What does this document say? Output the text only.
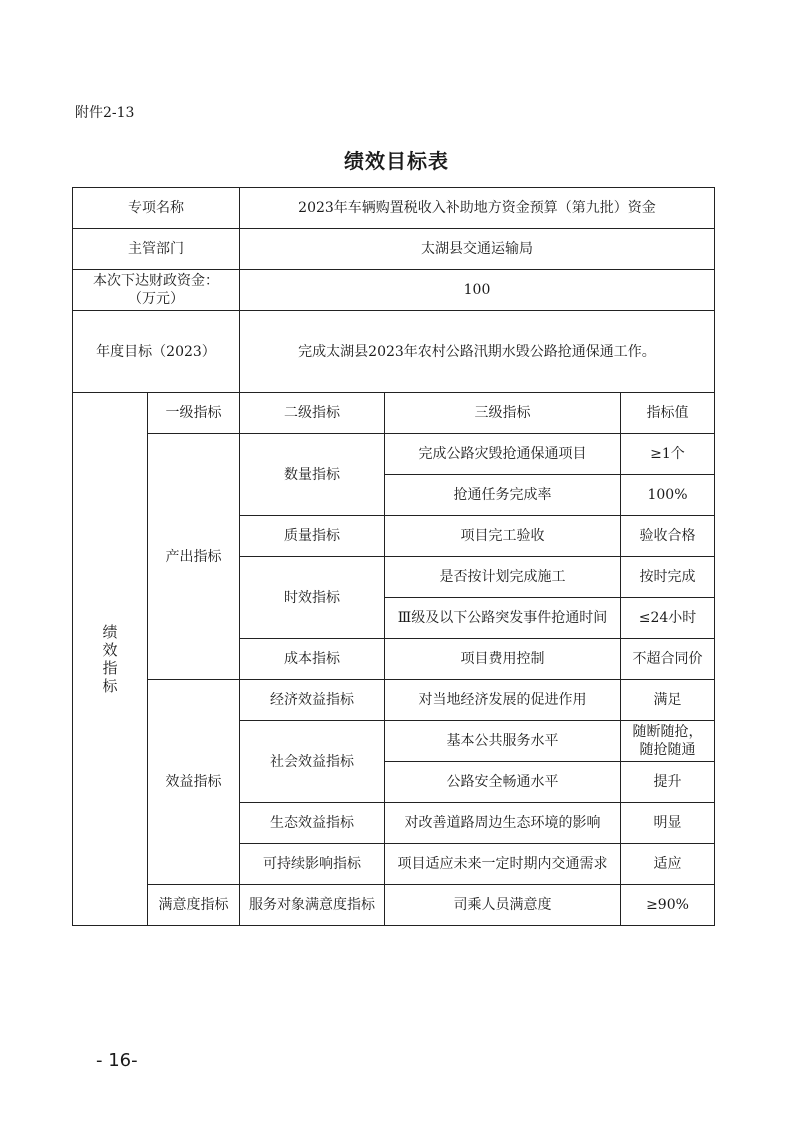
附件2-13
绩效目标表
专项名称		2023年车辆购置税收入补助地方资金预算（第九批）资金		
主管部门		太湖县交通运输局		

本次下达财政资金：
（万元）		100		
年度目标（2023）		完成太湖县2023年农村公路汛期水毁公路抢通保通工作。		

绩效指标	一级指标	二级指标	三级指标	指标值
	产出指标	数量指标	完成公路灾毁抢通保通项目	≥1个
			抢通任务完成率	100%
		质量指标	项目完工验收	验收合格
		时效指标	是否按计划完成施工	按时完成
			Ⅲ级及以下公路突发事件抢通时间	≤24小时
		成本指标	项目费用控制	不超合同价
	效益指标	经济效益指标	对当地经济发展的促进作用	满足
		社会效益指标	基本公共服务水平	随断随抢，
随抢随通

			公路安全畅通水平	提升
		生态效益指标	对改善道路周边生态环境的影响	明显
		可持续影响指标	项目适应未来一定时期内交通需求	适应
	满意度指标	服务对象满意度指标	司乘人员满意度	≥90%
- 16-
